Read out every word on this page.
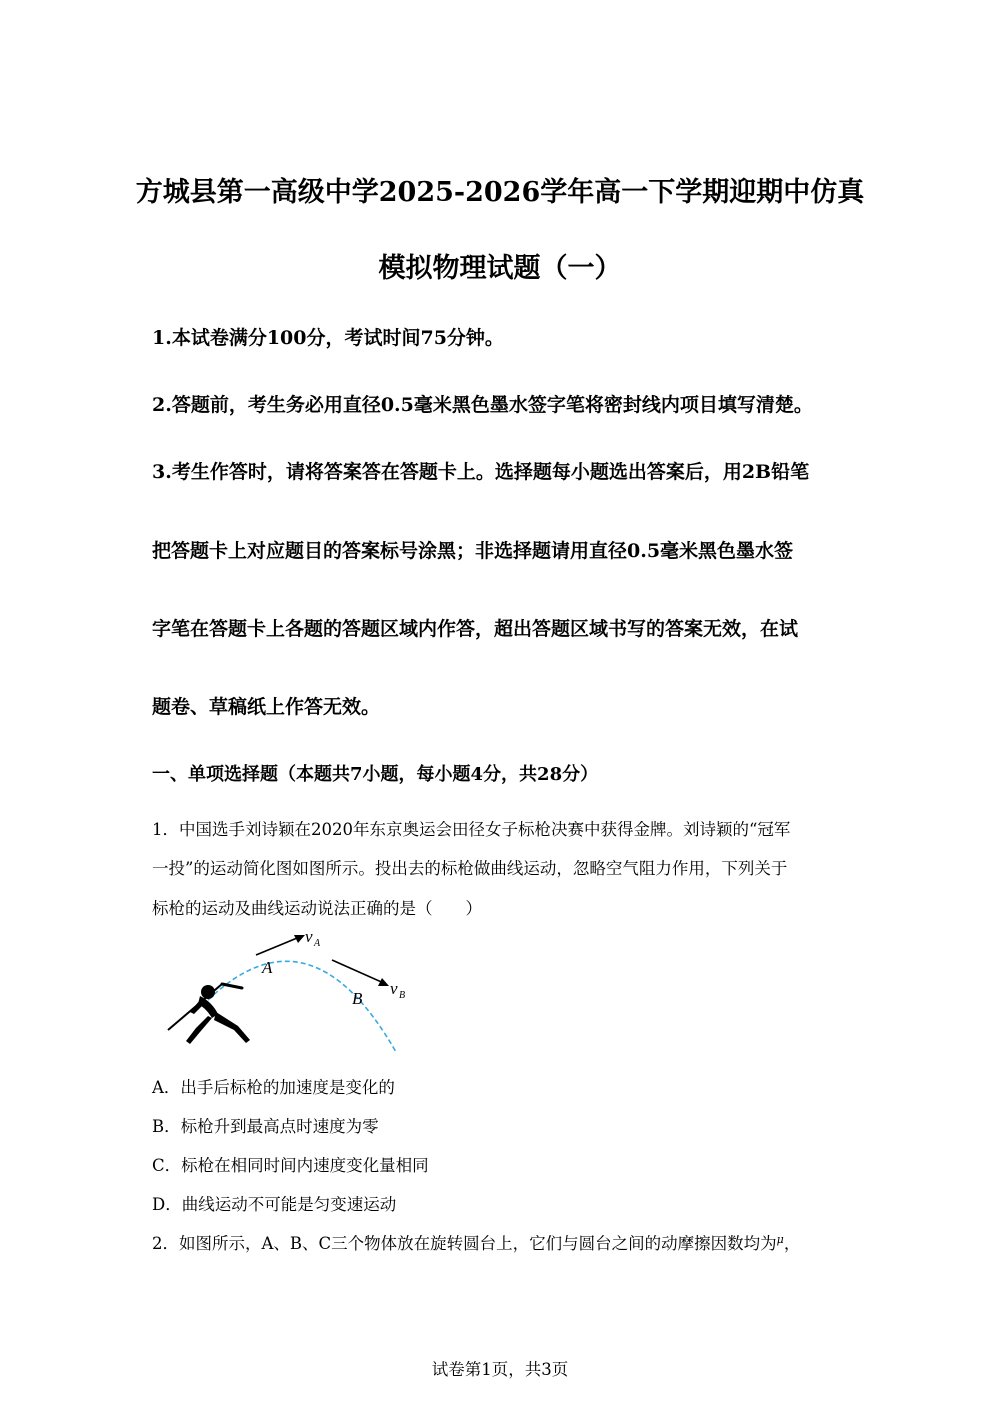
方城县第一高级中学2025-2026学年高一下学期迎期中仿真
模拟物理试题（一）
1.本试卷满分100分，考试时间75分钟。
2.答题前，考生务必用直径0.5毫米黑色墨水签字笔将密封线内项目填写清楚。
3.考生作答时，请将答案答在答题卡上。选择题每小题选出答案后，用2B铅笔
把答题卡上对应题目的答案标号涂黑；非选择题请用直径0.5毫米黑色墨水签
字笔在答题卡上各题的答题区域内作答，超出答题区域书写的答案无效，在试
题卷、草稿纸上作答无效。
一、单项选择题（本题共7小题，每小题4分，共28分）
1．中国选手刘诗颖在2020年东京奥运会田径女子标枪决赛中获得金牌。刘诗颖的“冠军
一投”的运动简化图如图所示。投出去的标枪做曲线运动，忽略空气阻力作用，下列关于
标枪的运动及曲线运动说法正确的是（　　）
A
B
v A
v B
A．出手后标枪的加速度是变化的
B．标枪升到最高点时速度为零
C．标枪在相同时间内速度变化量相同
D．曲线运动不可能是匀变速运动
2．如图所示，A、B、C三个物体放在旋转圆台上，它们与圆台之间的动摩擦因数均为$^\mu$，
试卷第1页，共3页
